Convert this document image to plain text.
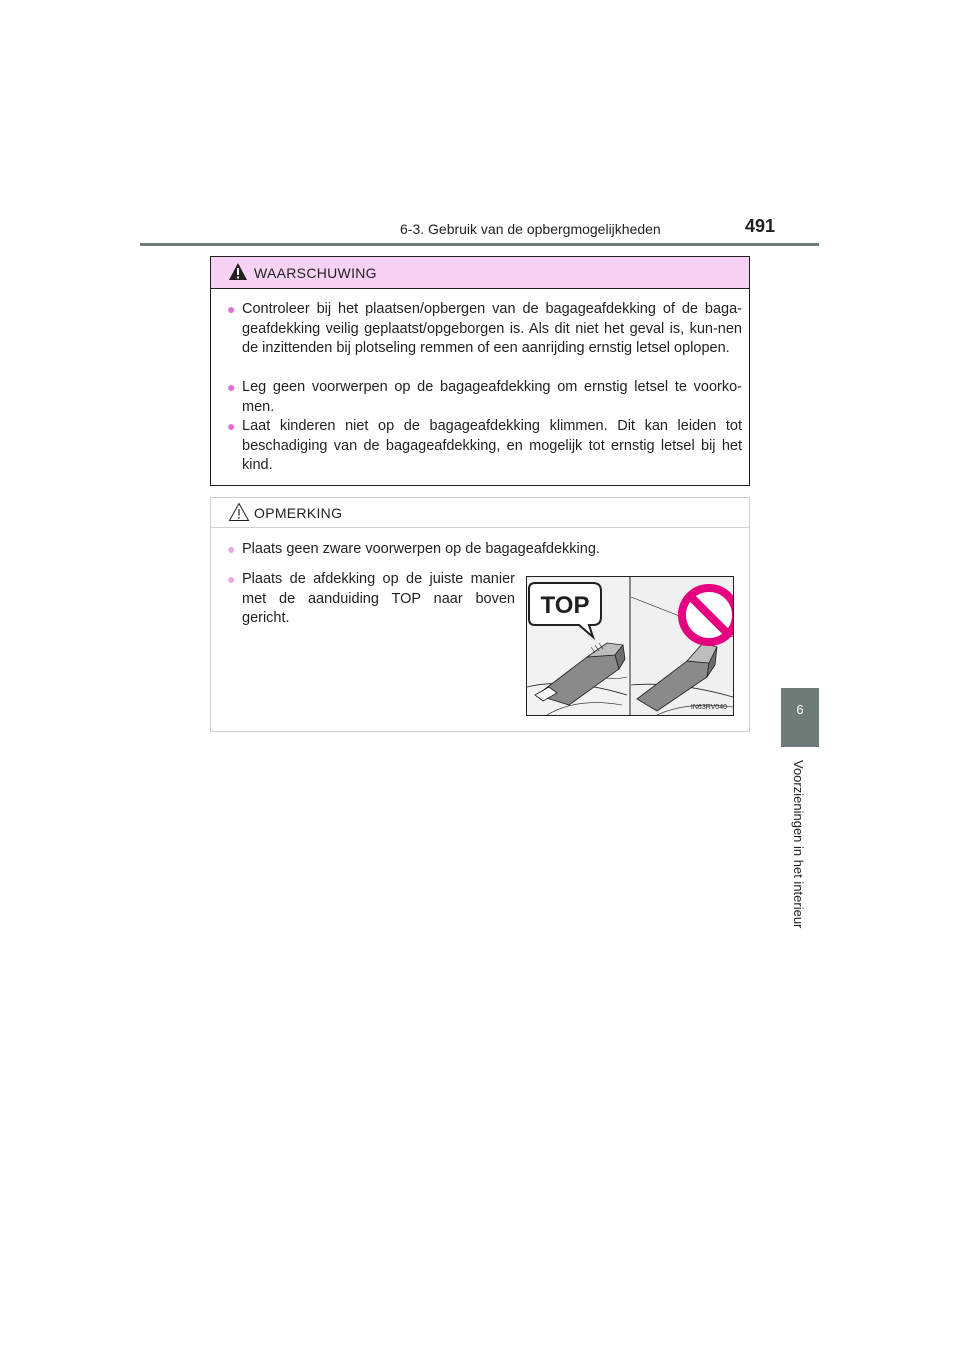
6-3. Gebruik van de opbergmogelijkheden	491
6
Voorzieningen in het interieur
WAARSCHUWING
● Controleer bij het plaatsen/opbergen van de bagageafdekking of de baga-geafdekking veilig geplaatst/opgeborgen is. Als dit niet het geval is, kun-nen de inzittenden bij plotseling remmen of een aanrijding ernstig letsel oplopen.
● Leg geen voorwerpen op de bagageafdekking om ernstig letsel te voorko-men.
● Laat kinderen niet op de bagageafdekking klimmen. Dit kan leiden tot beschadiging van de bagageafdekking, en mogelijk tot ernstig letsel bij het kind.
OPMERKING
● Plaats geen zware voorwerpen op de bagageafdekking.
● Plaats de afdekking op de juiste manier met de aanduiding TOP naar boven gericht.	TOP
IN63RV040
